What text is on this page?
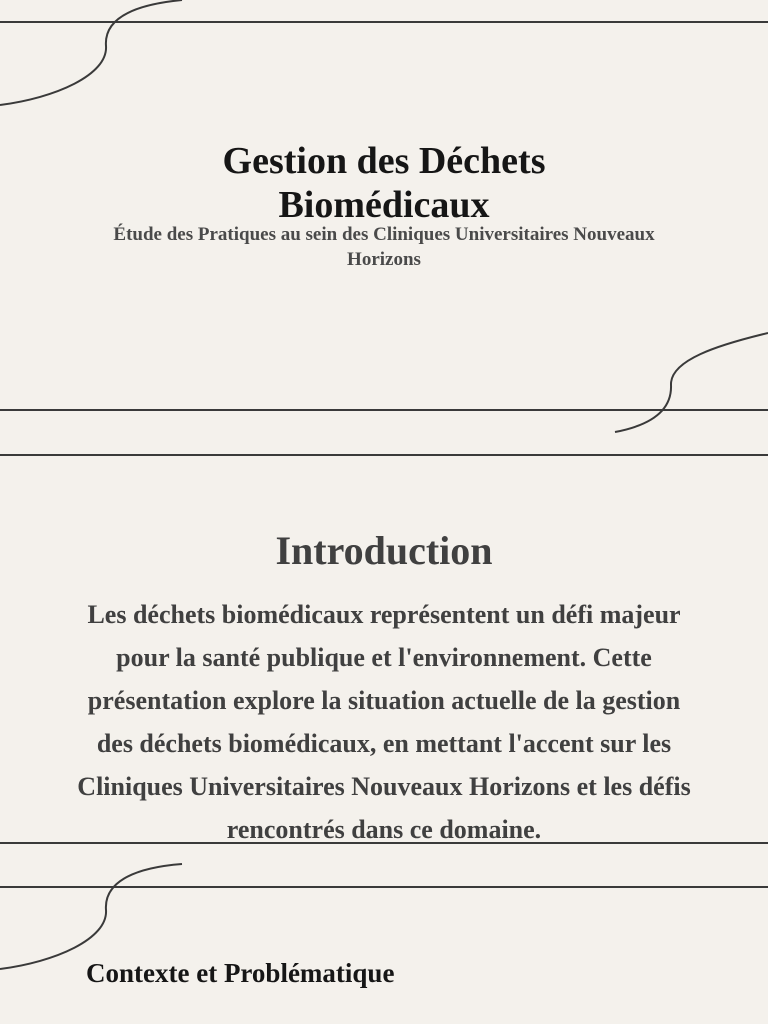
Gestion des Déchets Biomédicaux

Étude des Pratiques au sein des Cliniques Universitaires Nouveaux Horizons

Introduction

Les déchets biomédicaux représentent un défi majeur pour la santé publique et l'environnement. Cette présentation explore la situation actuelle de la gestion des déchets biomédicaux, en mettant l'accent sur les Cliniques Universitaires Nouveaux Horizons et les défis rencontrés dans ce domaine.

Contexte et Problématique
